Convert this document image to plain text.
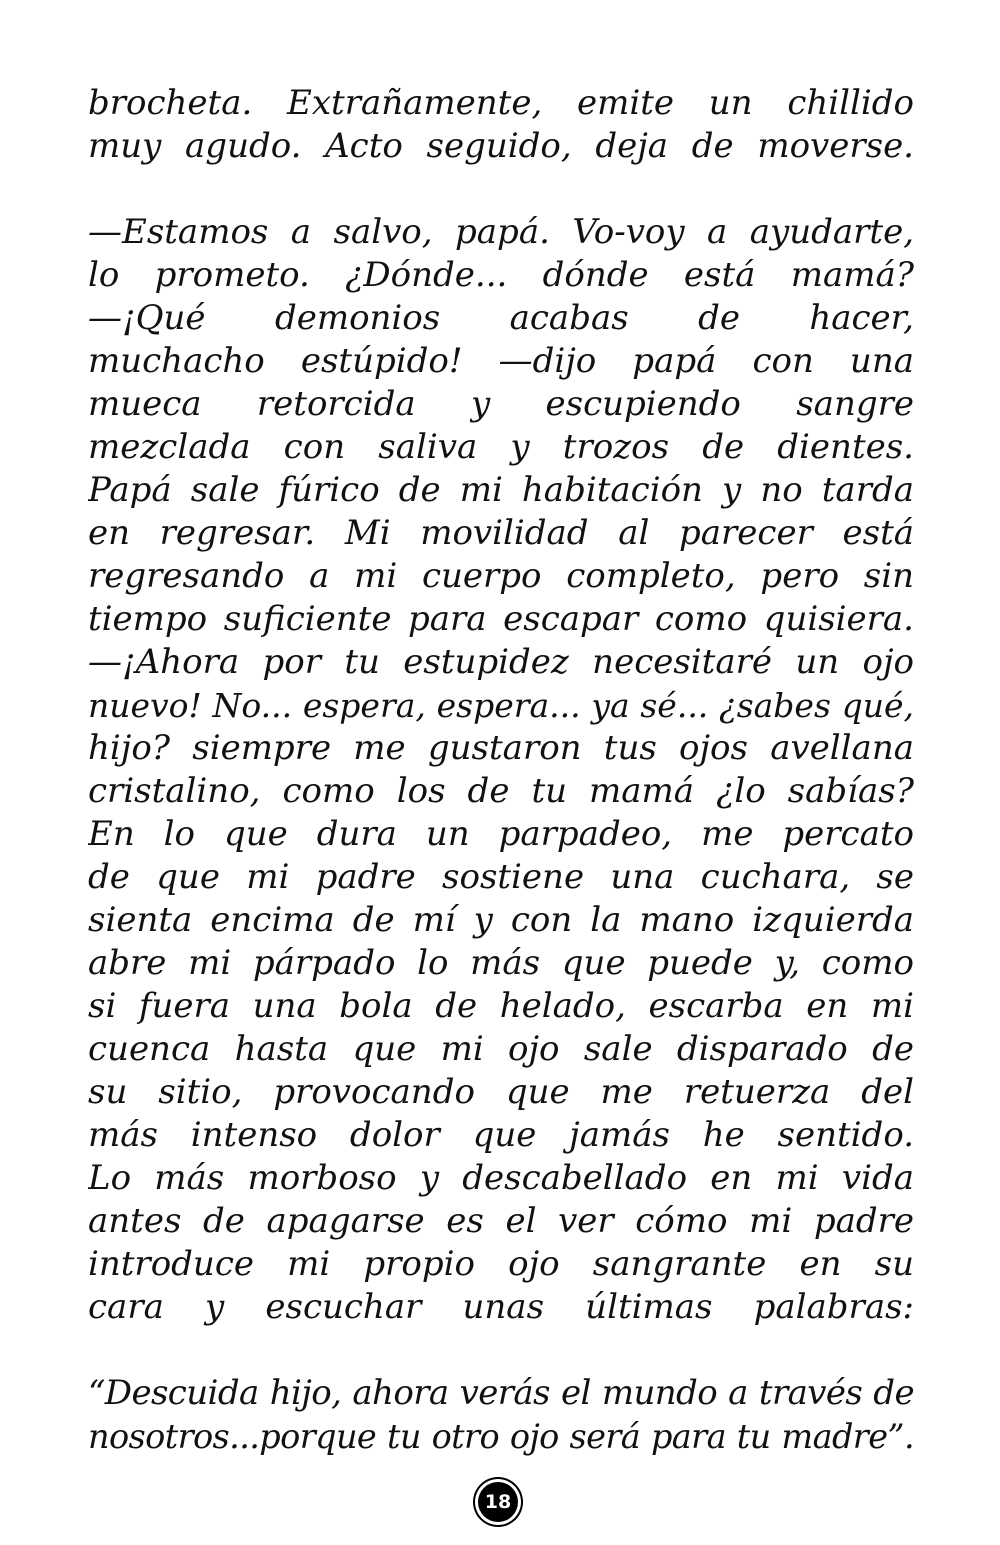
brocheta. Extrañamente, emite un chillido
muy agudo. Acto seguido, deja de moverse.
—Estamos a salvo, papá. Vo-voy a ayudarte,
lo prometo. ¿Dónde... dónde está mamá?
—¡Qué demonios acabas de hacer,
muchacho estúpido! —dijo papá con una
mueca retorcida y escupiendo sangre
mezclada con saliva y trozos de dientes.
Papá sale fúrico de mi habitación y no tarda
en regresar. Mi movilidad al parecer está
regresando a mi cuerpo completo, pero sin
tiempo suficiente para escapar como quisiera.
—¡Ahora por tu estupidez necesitaré un ojo
nuevo! No... espera, espera... ya sé... ¿sabes qué,
hijo? siempre me gustaron tus ojos avellana
cristalino, como los de tu mamá ¿lo sabías?
En lo que dura un parpadeo, me percato
de que mi padre sostiene una cuchara, se
sienta encima de mí y con la mano izquierda
abre mi párpado lo más que puede y, como
si fuera una bola de helado, escarba en mi
cuenca hasta que mi ojo sale disparado de
su sitio, provocando que me retuerza del
más intenso dolor que jamás he sentido.
Lo más morboso y descabellado en mi vida
antes de apagarse es el ver cómo mi padre
introduce mi propio ojo sangrante en su
cara y escuchar unas últimas palabras:
“Descuida hijo, ahora verás el mundo a través de
nosotros...porque tu otro ojo será para tu madre”.
18
